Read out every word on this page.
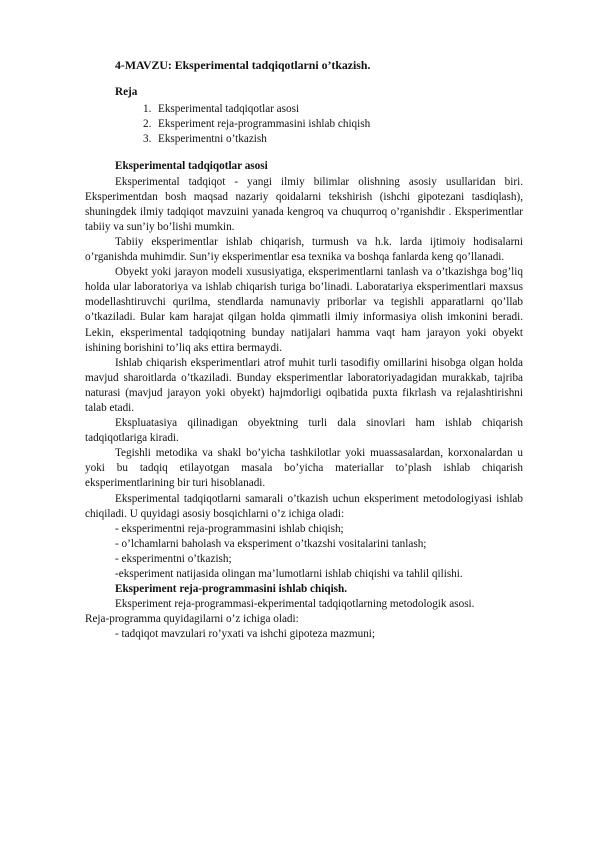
4-MAVZU: Eksperimental tadqiqotlarni o’tkazish.
Reja
1. Eksperimental tadqiqotlar asosi
2. Eksperiment reja-programmasini ishlab chiqish
3. Eksperimentni o’tkazish
Eksperimental tadqiqotlar asosi

Eksperimental tadqiqot - yangi ilmiy bilimlar olishning asosiy usullaridan biri. Eksperimentdan bosh maqsad nazariy qoidalarni tekshirish (ishchi gipotezani tasdiqlash), shuningdek ilmiy tadqiqot mavzuini yanada kengroq va chuqurroq o’rganishdir . Eksperimentlar tabiiy va sun’iy bo’lishi mumkin.

Tabiiy eksperimentlar ishlab chiqarish, turmush va h.k. larda ijtimoiy hodisalarni o’rganishda muhimdir. Sun’iy eksperimentlar esa texnika va boshqa fanlarda keng qo’llanadi.

Obyekt yoki jarayon modeli xususiyatiga, eksperimentlarni tanlash va o’tkazishga bog’liq holda ular laboratoriya va ishlab chiqarish turiga bo’linadi. Laboratariya eksperimentlari maxsus modellashtiruvchi qurilma, stendlarda namunaviy priborlar va tegishli apparatlarni qo’llab o’tkaziladi. Bular kam harajat qilgan holda qimmatli ilmiy informasiya olish imkonini beradi. Lekin, eksperimental tadqiqotning bunday natijalari hamma vaqt ham jarayon yoki obyekt ishining borishini to’liq aks ettira bermaydi.

Ishlab chiqarish eksperimentlari atrof muhit turli tasodifiy omillarini hisobga olgan holda mavjud sharoitlarda o’tkaziladi. Bunday eksperimentlar laboratoriyadagidan murakkab, tajriba naturasi (mavjud jarayon yoki obyekt) hajmdorligi oqibatida puxta fikrlash va rejalashtirishni talab etadi.

Ekspluatasiya qilinadigan obyektning turli dala sinovlari ham ishlab chiqarish tadqiqotlariga kiradi.

Tegishli metodika va shakl bo’yicha tashkilotlar yoki muassasalardan, korxonalardan u yoki bu tadqiq etilayotgan masala bo’yicha materiallar to’plash ishlab chiqarish eksperimentlarining bir turi hisoblanadi.

Eksperimental tadqiqotlarni samarali o’tkazish uchun eksperiment metodologiyasi ishlab chiqiladi. U quyidagi asosiy bosqichlarni o’z ichiga oladi:

- eksperimentni reja-programmasini ishlab chiqish;
- o’lchamlarni baholash va eksperiment o’tkazshi vositalarini tanlash;
- eksperimentni o’tkazish;

-eksperiment natijasida olingan ma’lumotlarni ishlab chiqishi va tahlil qilishi.

Eksperiment reja-programmasini ishlab chiqish.

Eksperiment reja-programmasi-ekperimental tadqiqotlarning metodologik asosi.

Reja-programma quyidagilarni o’z ichiga oladi:
- tadqiqot mavzulari ro’yxati va ishchi gipoteza mazmuni;
